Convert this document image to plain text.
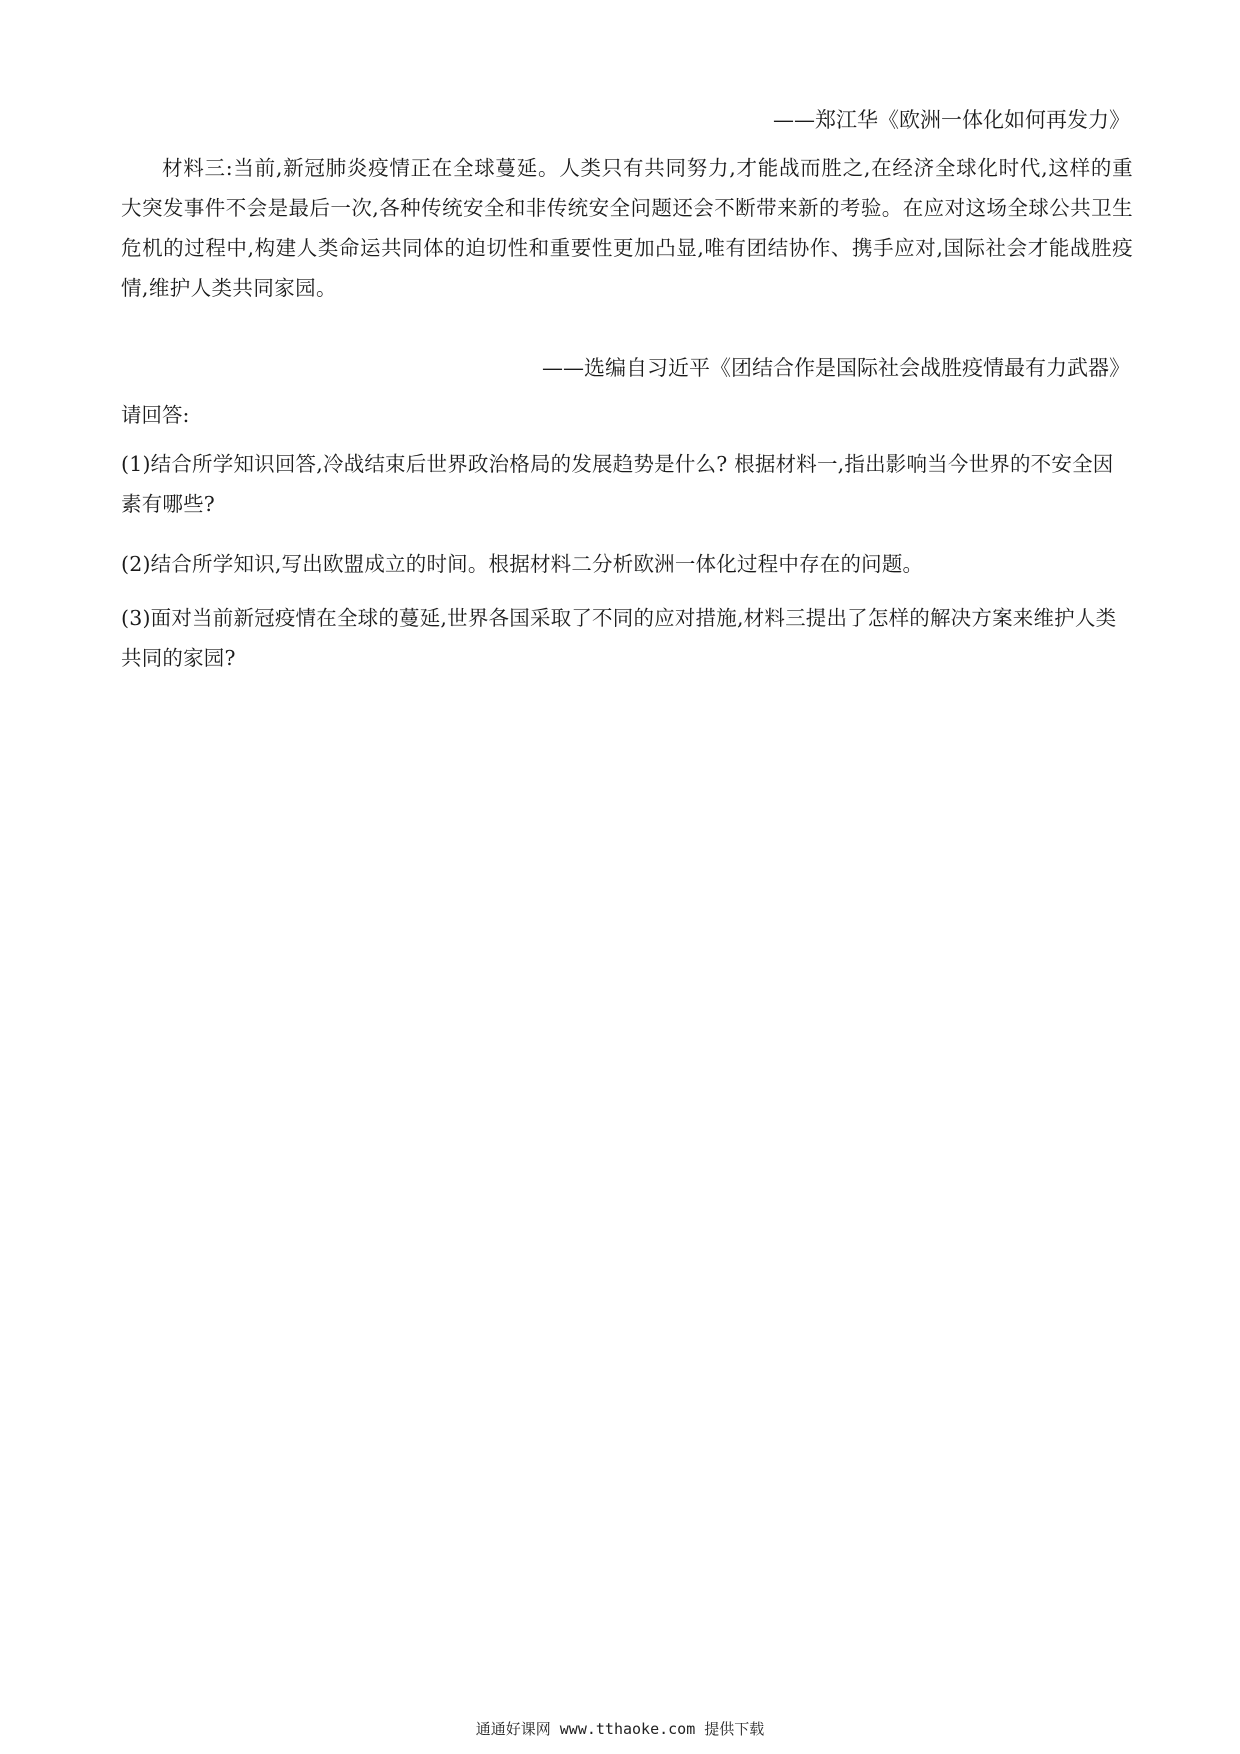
——郑江华《欧洲一体化如何再发力》
材料三:当前,新冠肺炎疫情正在全球蔓延。人类只有共同努力,才能战而胜之,在经济全球化时代,这样的重大突发事件不会是最后一次,各种传统安全和非传统安全问题还会不断带来新的考验。在应对这场全球公共卫生危机的过程中,构建人类命运共同体的迫切性和重要性更加凸显,唯有团结协作、携手应对,国际社会才能战胜疫情,维护人类共同家园。
——选编自习近平《团结合作是国际社会战胜疫情最有力武器》
请回答:
(1)结合所学知识回答,冷战结束后世界政治格局的发展趋势是什么? 根据材料一,指出影响当今世界的不安全因素有哪些?
(2)结合所学知识,写出欧盟成立的时间。根据材料二分析欧洲一体化过程中存在的问题。
(3)面对当前新冠疫情在全球的蔓延,世界各国采取了不同的应对措施,材料三提出了怎样的解决方案来维护人类共同的家园?
通通好课网 www.tthaoke.com 提供下载
